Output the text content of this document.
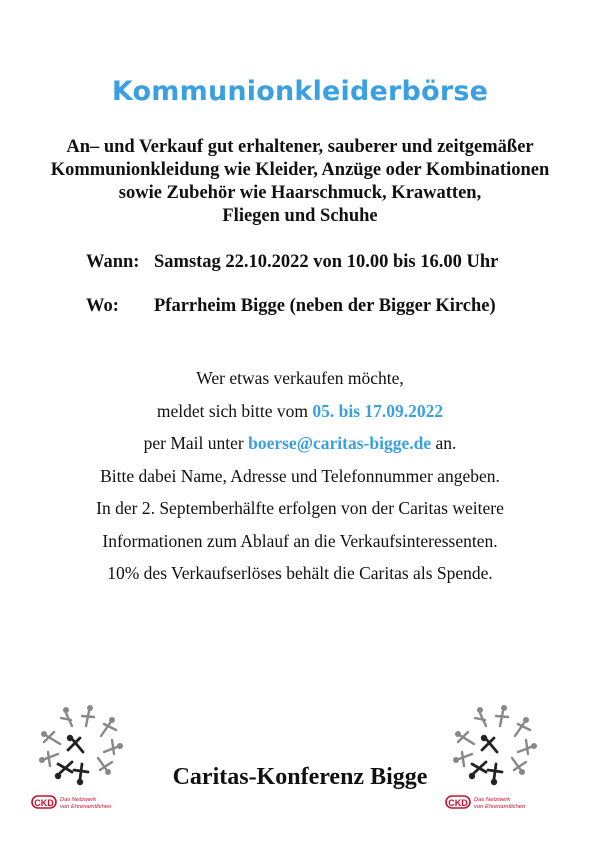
Kommunionkleiderbörse
An– und Verkauf gut erhaltener, sauberer und zeitgemäßer
Kommunionkleidung wie Kleider, Anzüge oder Kombinationen
sowie Zubehör wie Haarschmuck, Krawatten,
Fliegen und Schuhe
Wann: Samstag 22.10.2022 von 10.00 bis 16.00 Uhr
Wo: Pfarrheim Bigge (neben der Bigger Kirche)
Wer etwas verkaufen möchte,
meldet sich bitte vom 05. bis 17.09.2022
per Mail unter boerse@caritas-bigge.de an.
Bitte dabei Name, Adresse und Telefonnummer angeben.
In der 2. Septemberhälfte erfolgen von der Caritas weitere
Informationen zum Ablauf an die Verkaufsinteressenten.
10% des Verkaufserlöses behält die Caritas als Spende.
Caritas-Konferenz Bigge
CKD Das Netzwerk
von Ehrenamtlichen	CKD Das Netzwerk
von Ehrenamtlichen
